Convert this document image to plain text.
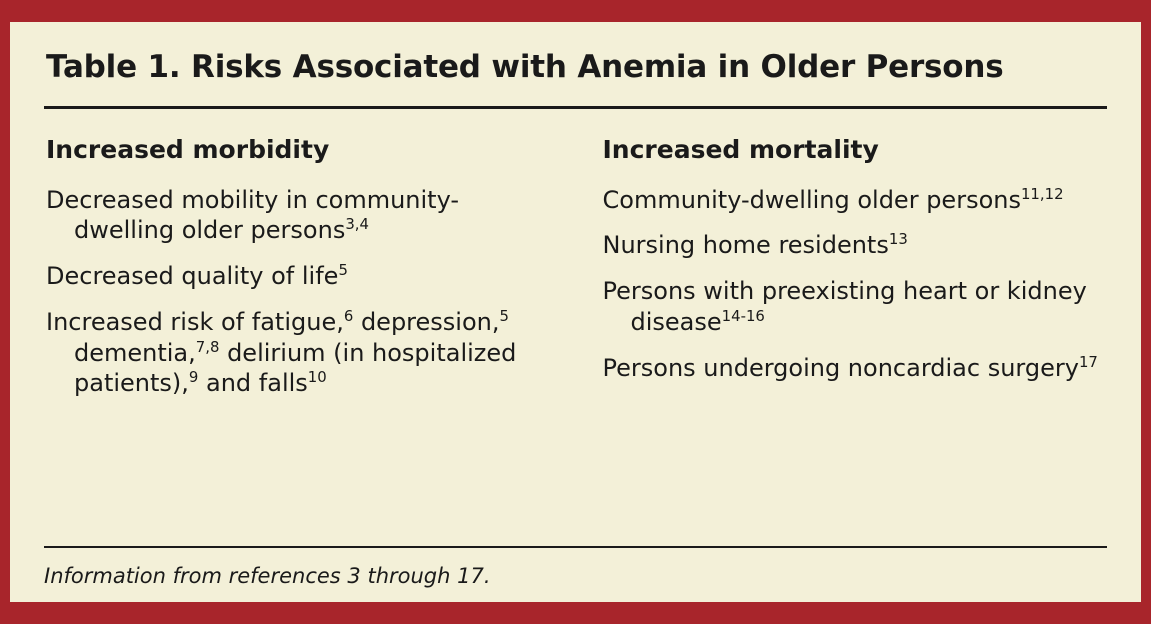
Table 1. Risks Associated with Anemia in Older Persons
Increased morbidity
Decreased mobility in community-dwelling older persons$^{3,4}$
Decreased quality of life$^5$
Increased risk of fatigue,$^6$ depression,$^5$ dementia,$^{7,8}$ delirium (in hospitalized patients),$^9$ and falls$^{10}$
Increased mortality
Community-dwelling older persons$^{11,12}$
Nursing home residents$^{13}$
Persons with preexisting heart or kidney disease$^{14-16}$
Persons undergoing noncardiac surgery$^{17}$
Information from references 3 through 17.
